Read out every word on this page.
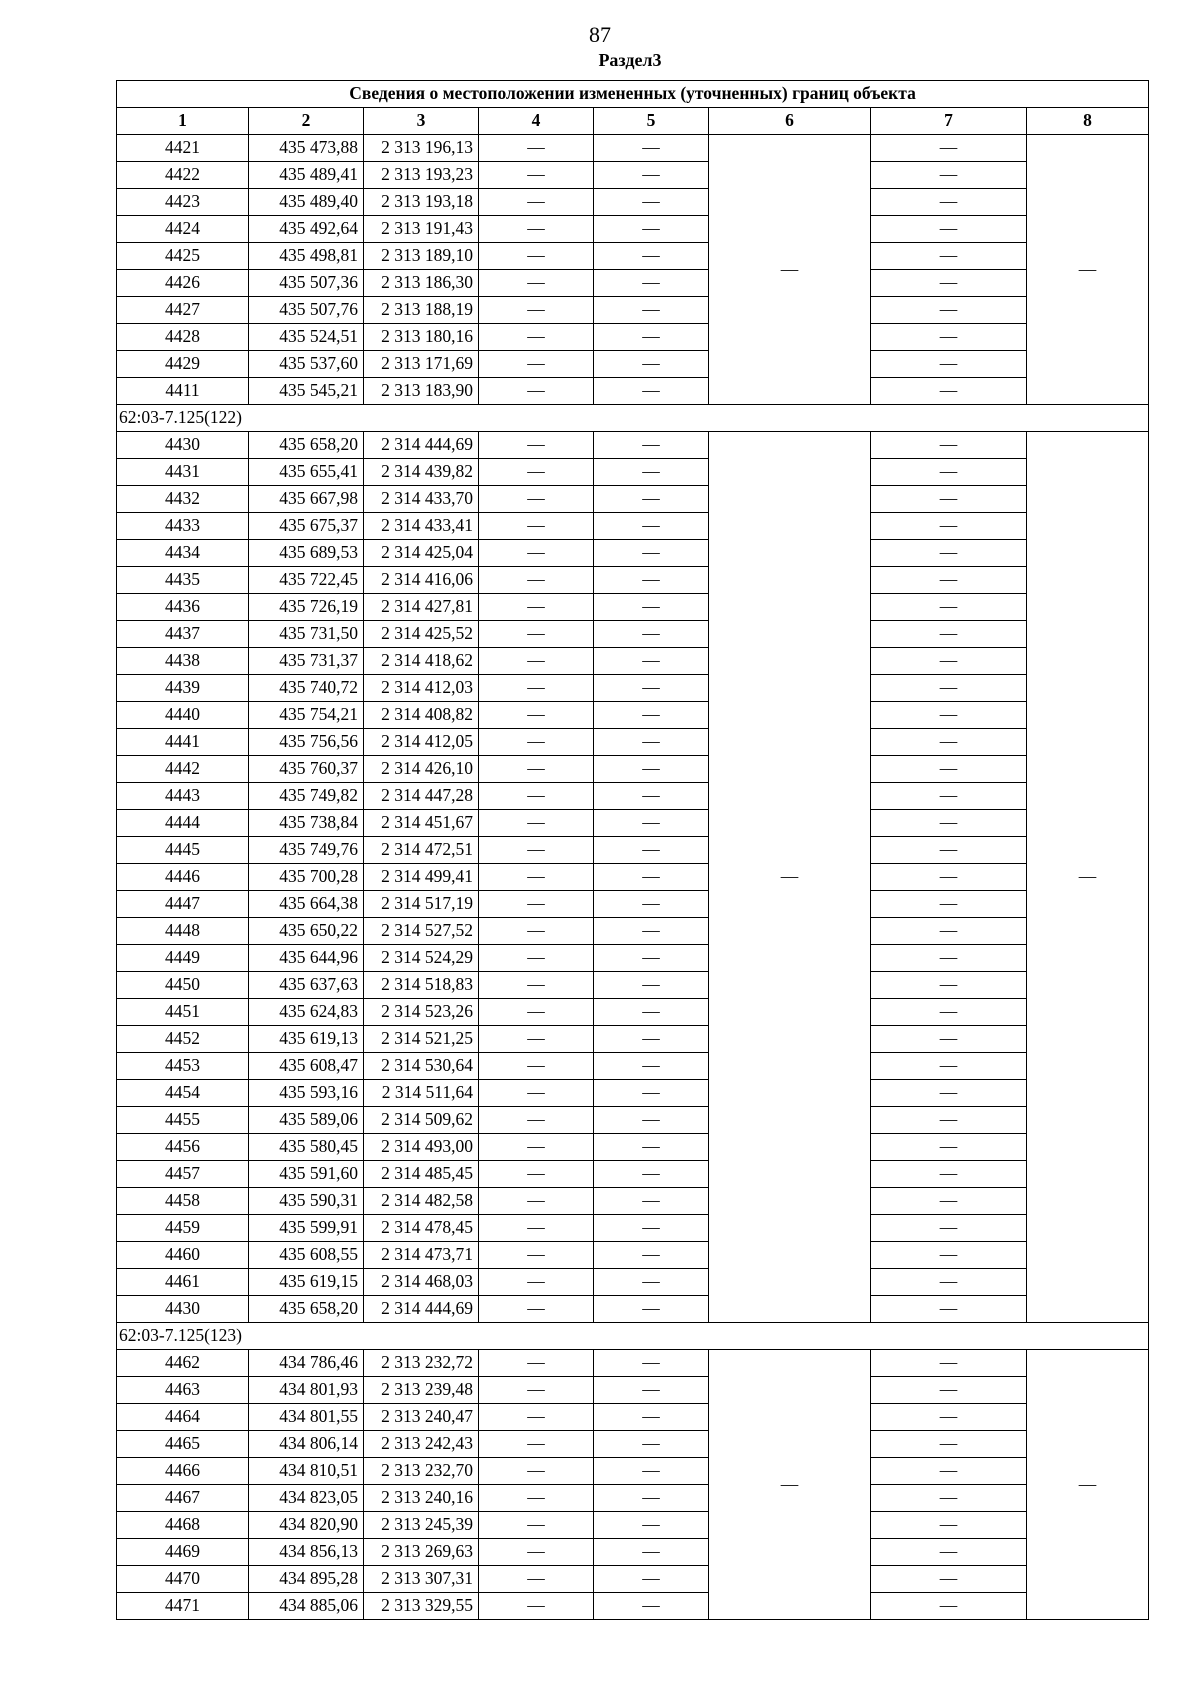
87
Раздел3
Сведения о местоположении измененных (уточненных) границ объекта							
1	2	3	4	5	6	7	8
4421	435 473,88	2 313 196,13	—	—	—	—	—
4422	435 489,41	2 313 193,23	—	—		—	
4423	435 489,40	2 313 193,18	—	—		—	
4424	435 492,64	2 313 191,43	—	—		—	
4425	435 498,81	2 313 189,10	—	—		—	
4426	435 507,36	2 313 186,30	—	—		—	
4427	435 507,76	2 313 188,19	—	—		—	
4428	435 524,51	2 313 180,16	—	—		—	
4429	435 537,60	2 313 171,69	—	—		—	
4411	435 545,21	2 313 183,90	—	—		—	
62:03-7.125(122)							
4430	435 658,20	2 314 444,69	—	—	—	—	—
4431	435 655,41	2 314 439,82	—	—		—	
4432	435 667,98	2 314 433,70	—	—		—	
4433	435 675,37	2 314 433,41	—	—		—	
4434	435 689,53	2 314 425,04	—	—		—	
4435	435 722,45	2 314 416,06	—	—		—	
4436	435 726,19	2 314 427,81	—	—		—	
4437	435 731,50	2 314 425,52	—	—		—	
4438	435 731,37	2 314 418,62	—	—		—	
4439	435 740,72	2 314 412,03	—	—		—	
4440	435 754,21	2 314 408,82	—	—		—	
4441	435 756,56	2 314 412,05	—	—		—	
4442	435 760,37	2 314 426,10	—	—		—	
4443	435 749,82	2 314 447,28	—	—		—	
4444	435 738,84	2 314 451,67	—	—		—	
4445	435 749,76	2 314 472,51	—	—		—	
4446	435 700,28	2 314 499,41	—	—		—	
4447	435 664,38	2 314 517,19	—	—		—	
4448	435 650,22	2 314 527,52	—	—		—	
4449	435 644,96	2 314 524,29	—	—		—	
4450	435 637,63	2 314 518,83	—	—		—	
4451	435 624,83	2 314 523,26	—	—		—	
4452	435 619,13	2 314 521,25	—	—		—	
4453	435 608,47	2 314 530,64	—	—		—	
4454	435 593,16	2 314 511,64	—	—		—	
4455	435 589,06	2 314 509,62	—	—		—	
4456	435 580,45	2 314 493,00	—	—		—	
4457	435 591,60	2 314 485,45	—	—		—	
4458	435 590,31	2 314 482,58	—	—		—	
4459	435 599,91	2 314 478,45	—	—		—	
4460	435 608,55	2 314 473,71	—	—		—	
4461	435 619,15	2 314 468,03	—	—		—	
4430	435 658,20	2 314 444,69	—	—		—	
62:03-7.125(123)							
4462	434 786,46	2 313 232,72	—	—	—	—	—
4463	434 801,93	2 313 239,48	—	—		—	
4464	434 801,55	2 313 240,47	—	—		—	
4465	434 806,14	2 313 242,43	—	—		—	
4466	434 810,51	2 313 232,70	—	—		—	
4467	434 823,05	2 313 240,16	—	—		—	
4468	434 820,90	2 313 245,39	—	—		—	
4469	434 856,13	2 313 269,63	—	—		—	
4470	434 895,28	2 313 307,31	—	—		—	
4471	434 885,06	2 313 329,55	—	—		—	
